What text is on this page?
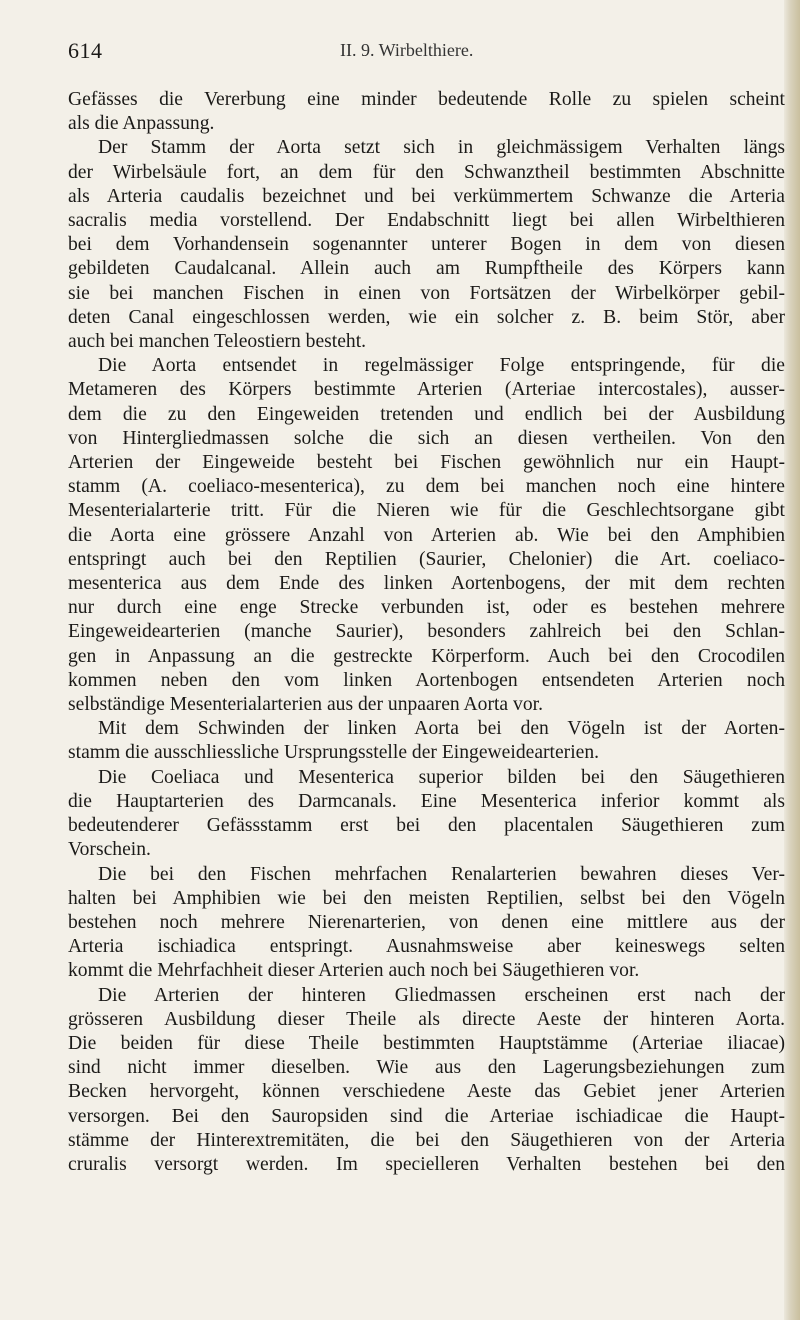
614	II. 9. Wirbelthiere.
Gefässes die Vererbung eine minder bedeutende Rolle zu spielen scheint
als die Anpassung.
Der Stamm der Aorta setzt sich in gleichmässigem Verhalten längs
der Wirbelsäule fort, an dem für den Schwanztheil bestimmten Abschnitte
als Arteria caudalis bezeichnet und bei verkümmertem Schwanze die Arteria
sacralis media vorstellend. Der Endabschnitt liegt bei allen Wirbelthieren
bei dem Vorhandensein sogenannter unterer Bogen in dem von diesen
gebildeten Caudalcanal. Allein auch am Rumpftheile des Körpers kann
sie bei manchen Fischen in einen von Fortsätzen der Wirbelkörper gebil-
deten Canal eingeschlossen werden, wie ein solcher z. B. beim Stör, aber
auch bei manchen Teleostiern besteht.
Die Aorta entsendet in regelmässiger Folge entspringende, für die
Metameren des Körpers bestimmte Arterien (Arteriae intercostales), ausser-
dem die zu den Eingeweiden tretenden und endlich bei der Ausbildung
von Hintergliedmassen solche die sich an diesen vertheilen. Von den
Arterien der Eingeweide besteht bei Fischen gewöhnlich nur ein Haupt-
stamm (A. coeliaco-mesenterica), zu dem bei manchen noch eine hintere
Mesenterialarterie tritt. Für die Nieren wie für die Geschlechtsorgane gibt
die Aorta eine grössere Anzahl von Arterien ab. Wie bei den Amphibien
entspringt auch bei den Reptilien (Saurier, Chelonier) die Art. coeliaco-
mesenterica aus dem Ende des linken Aortenbogens, der mit dem rechten
nur durch eine enge Strecke verbunden ist, oder es bestehen mehrere
Eingeweidearterien (manche Saurier), besonders zahlreich bei den Schlan-
gen in Anpassung an die gestreckte Körperform. Auch bei den Crocodilen
kommen neben den vom linken Aortenbogen entsendeten Arterien noch
selbständige Mesenterialarterien aus der unpaaren Aorta vor.
Mit dem Schwinden der linken Aorta bei den Vögeln ist der Aorten-
stamm die ausschliessliche Ursprungsstelle der Eingeweidearterien.
Die Coeliaca und Mesenterica superior bilden bei den Säugethieren
die Hauptarterien des Darmcanals. Eine Mesenterica inferior kommt als
bedeutenderer Gefässstamm erst bei den placentalen Säugethieren zum
Vorschein.
Die bei den Fischen mehrfachen Renalarterien bewahren dieses Ver-
halten bei Amphibien wie bei den meisten Reptilien, selbst bei den Vögeln
bestehen noch mehrere Nierenarterien, von denen eine mittlere aus der
Arteria ischiadica entspringt. Ausnahmsweise aber keineswegs selten
kommt die Mehrfachheit dieser Arterien auch noch bei Säugethieren vor.
Die Arterien der hinteren Gliedmassen erscheinen erst nach der
grösseren Ausbildung dieser Theile als directe Aeste der hinteren Aorta.
Die beiden für diese Theile bestimmten Hauptstämme (Arteriae iliacae)
sind nicht immer dieselben. Wie aus den Lagerungsbeziehungen zum
Becken hervorgeht, können verschiedene Aeste das Gebiet jener Arterien
versorgen. Bei den Sauropsiden sind die Arteriae ischiadicae die Haupt-
stämme der Hinterextremitäten, die bei den Säugethieren von der Arteria
cruralis versorgt werden. Im specielleren Verhalten bestehen bei den
